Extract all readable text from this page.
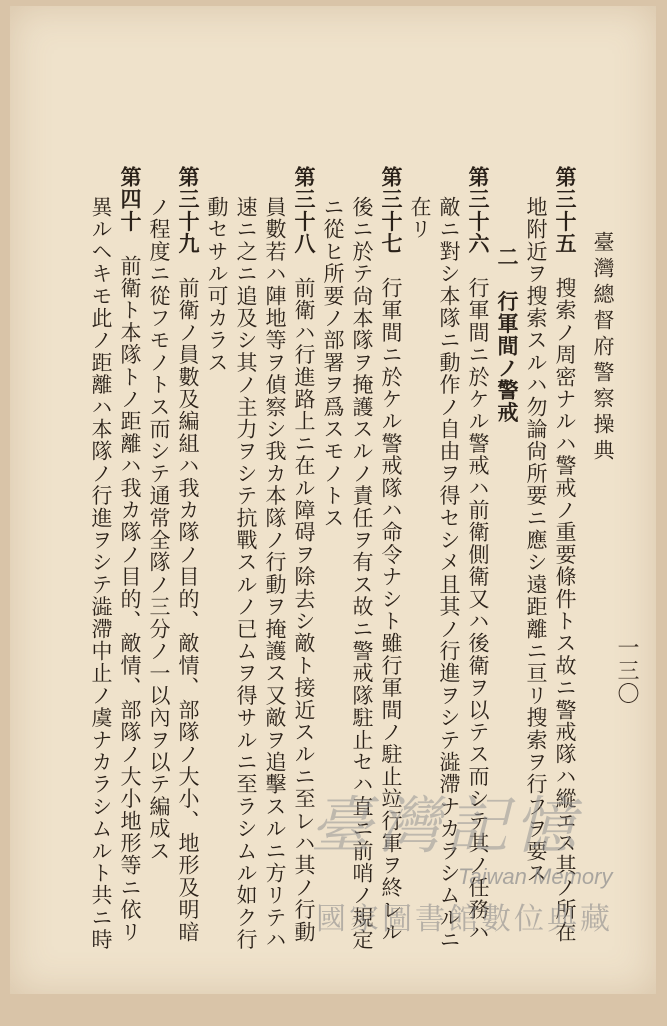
一三〇
臺灣總督府警察操典
第三十五　搜索ノ周密ナルハ警戒ノ重要條件トス故ニ警戒隊ハ縱エス其ノ所在
地附近ヲ搜索スルハ勿論尙所要ニ應シ遠距離ニ亘リ搜索ヲ行フヲ要ス
二　行軍間ノ警戒
第三十六　行軍間ニ於ケル警戒ハ前衛側衛又ハ後衛ヲ以テス而シテ其ノ任務ハ
敵ニ對シ本隊ニ動作ノ自由ヲ得セシメ且其ノ行進ヲシテ澁滯ナカラシムルニ
在リ
第三十七　行軍間ニ於ケル警戒隊ハ命令ナシト雖行軍間ノ駐止竝行軍ヲ終レル
後ニ於テ尙本隊ヲ掩護スルノ責任ヲ有ス故ニ警戒隊駐止セハ直ニ前哨ノ規定
ニ從ヒ所要ノ部署ヲ爲スモノトス
第三十八　前衛ハ行進路上ニ在ル障碍ヲ除去シ敵ト接近スルニ至レハ其ノ行動
員數若ハ陣地等ヲ偵察シ我カ本隊ノ行動ヲ掩護ス又敵ヲ追擊スルニ方リテハ
速ニ之ニ追及シ其ノ主力ヲシテ抗戰スルノ已ムヲ得サルニ至ラシムル如ク行
動セサル可カラス
第三十九　前衛ノ員數及編組ハ我カ隊ノ目的、敵情、部隊ノ大小、地形及明暗
ノ程度ニ從フモノトス而シテ通常全隊ノ三分ノ一以內ヲ以テ編成ス
第四十　前衛ト本隊トノ距離ハ我カ隊ノ目的、敵情、部隊ノ大小地形等ニ依リ
異ルヘキモ此ノ距離ハ本隊ノ行進ヲシテ澁滯中止ノ虞ナカラシムルト共ニ時	臺灣記憶
Taiwan Memory
國家圖書館數位典藏
